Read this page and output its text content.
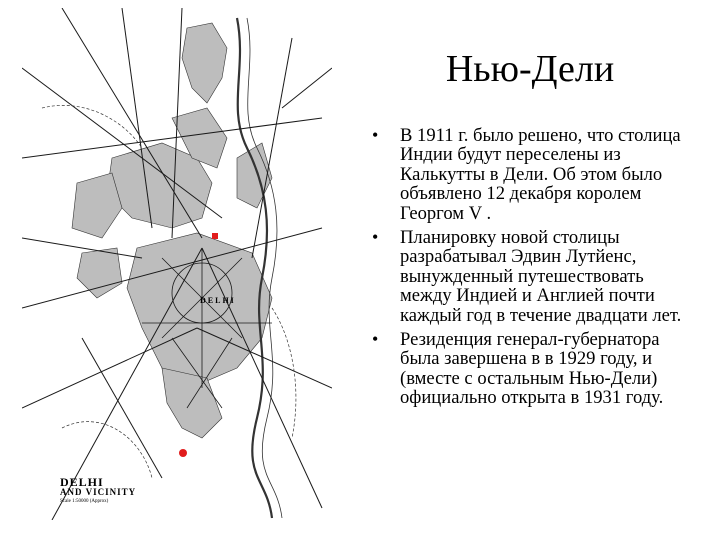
DELHI
AND VICINITY
Scale 1:50000 (Approx)
DELHI
Нью-Дели
• В 1911 г. было решено, что столица Индии будут переселены из Калькутты в Дели. Об этом было объявлено 12 декабря королем Георгом V .
• Планировку новой столицы разрабатывал Эдвин Лутйенс, вынужденный путешествовать между Индией и Англией почти каждый год в течение двадцати лет.
• Резиденция генерал-губернатора была завершена в в 1929 году, и (вместе с остальным Нью-Дели) официально открыта в 1931 году.
